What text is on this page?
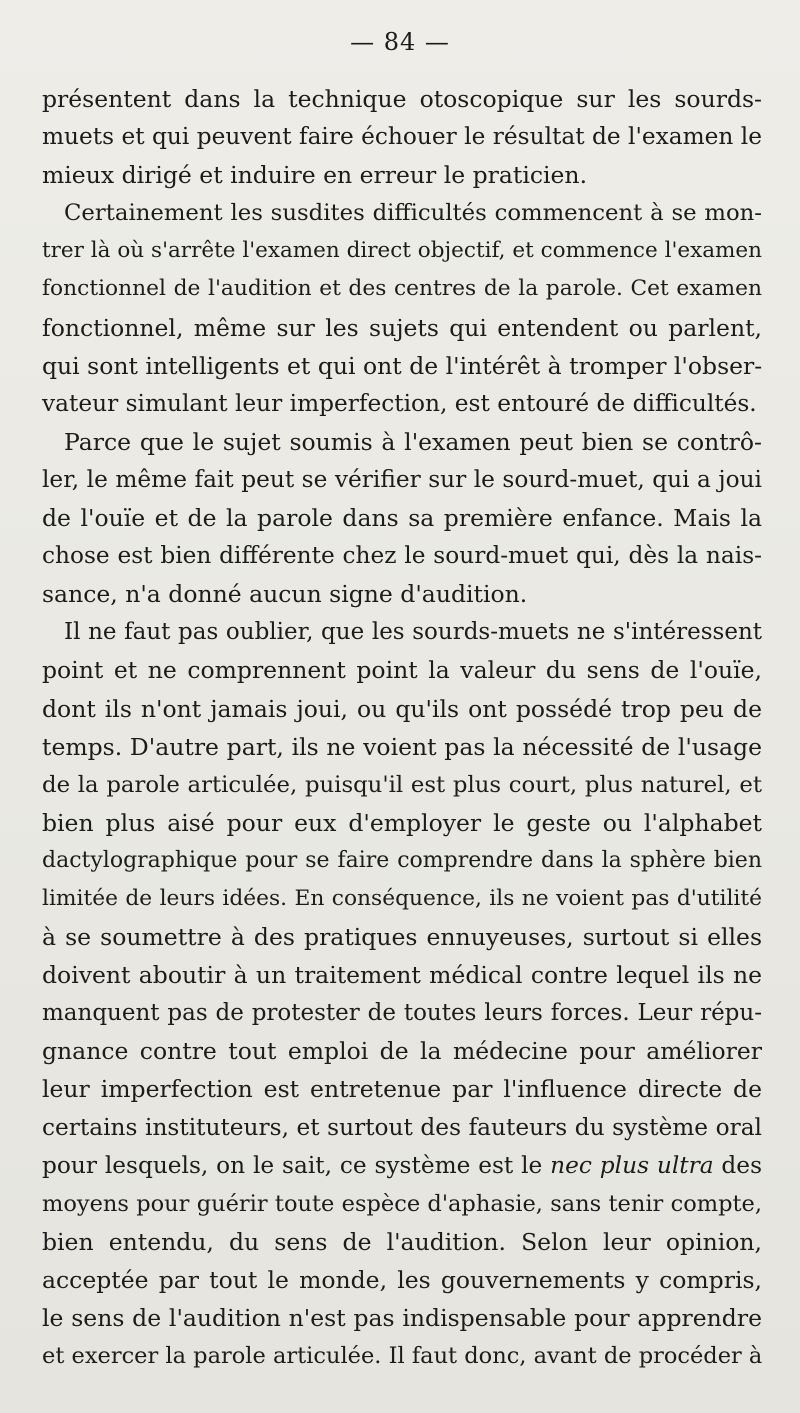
— 84 —
présentent dans la technique otoscopique sur les sourds-
muets et qui peuvent faire échouer le résultat de l'examen le
mieux dirigé et induire en erreur le praticien.
Certainement les susdites difficultés commencent à se mon-
trer là où s'arrête l'examen direct objectif, et commence l'examen
fonctionnel de l'audition et des centres de la parole. Cet examen
fonctionnel, même sur les sujets qui entendent ou parlent,
qui sont intelligents et qui ont de l'intérêt à tromper l'obser-
vateur simulant leur imperfection, est entouré de difficultés.
Parce que le sujet soumis à l'examen peut bien se contrô-
ler, le même fait peut se vérifier sur le sourd-muet, qui a joui
de l'ouïe et de la parole dans sa première enfance. Mais la
chose est bien différente chez le sourd-muet qui, dès la nais-
sance, n'a donné aucun signe d'audition.
Il ne faut pas oublier, que les sourds-muets ne s'intéressent
point et ne comprennent point la valeur du sens de l'ouïe,
dont ils n'ont jamais joui, ou qu'ils ont possédé trop peu de
temps. D'autre part, ils ne voient pas la nécessité de l'usage
de la parole articulée, puisqu'il est plus court, plus naturel, et
bien plus aisé pour eux d'employer le geste ou l'alphabet
dactylographique pour se faire comprendre dans la sphère bien
limitée de leurs idées. En conséquence, ils ne voient pas d'utilité
à se soumettre à des pratiques ennuyeuses, surtout si elles
doivent aboutir à un traitement médical contre lequel ils ne
manquent pas de protester de toutes leurs forces. Leur répu-
gnance contre tout emploi de la médecine pour améliorer
leur imperfection est entretenue par l'influence directe de
certains instituteurs, et surtout des fauteurs du système oral
pour lesquels, on le sait, ce système est le nec plus ultra des
moyens pour guérir toute espèce d'aphasie, sans tenir compte,
bien entendu, du sens de l'audition. Selon leur opinion,
acceptée par tout le monde, les gouvernements y compris,
le sens de l'audition n'est pas indispensable pour apprendre
et exercer la parole articulée. Il faut donc, avant de procéder à
